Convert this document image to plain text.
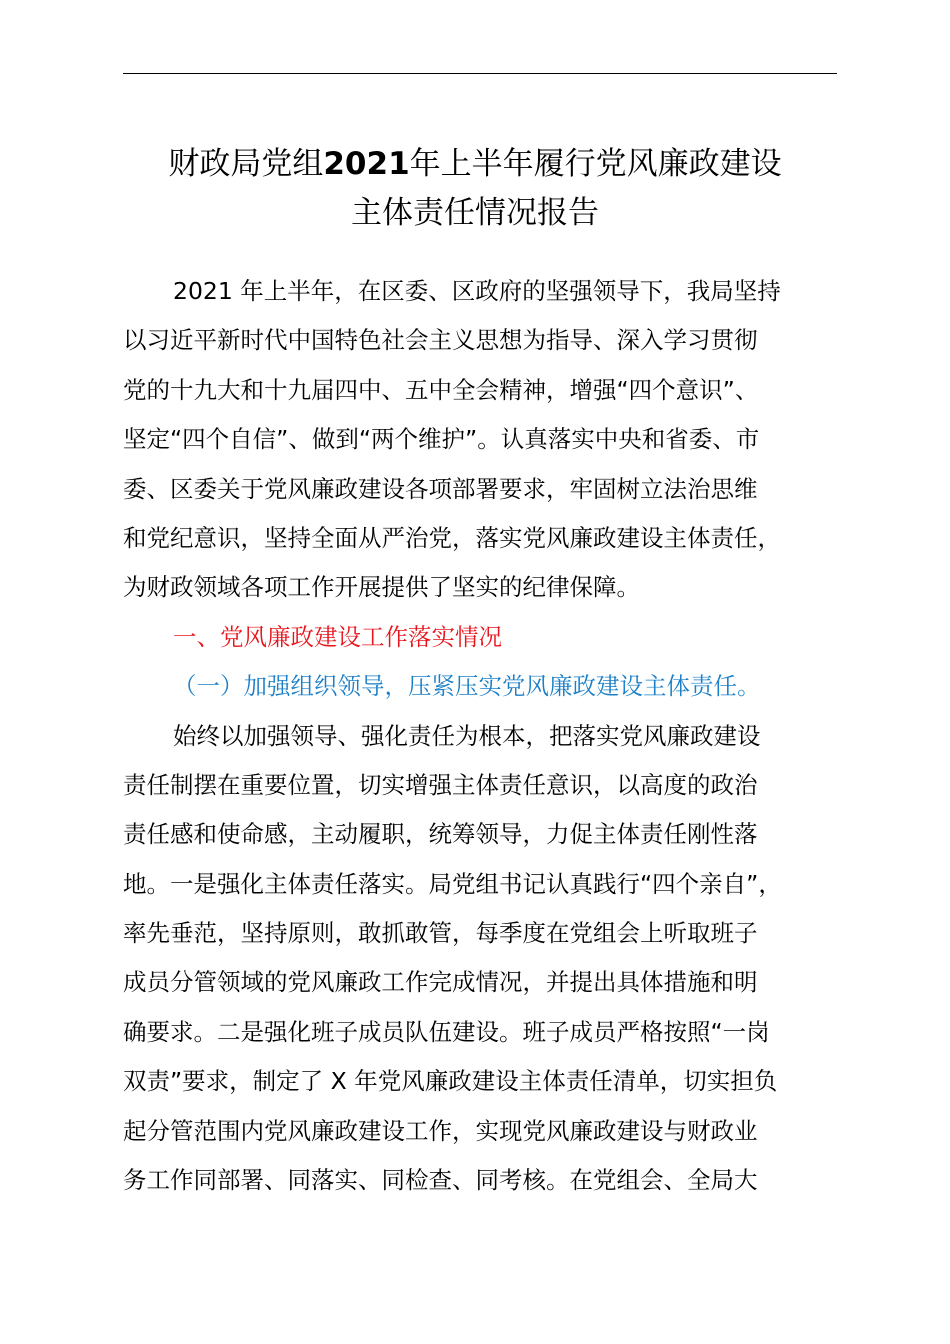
财政局党组2021年上半年履行党风廉政建设
主体责任情况报告
2021 年上半年，在区委、区政府的坚强领导下，我局坚持
以习近平新时代中国特色社会主义思想为指导、深入学习贯彻
党的十九大和十九届四中、五中全会精神，增强“四个意识”、
坚定“四个自信”、做到“两个维护”。认真落实中央和省委、市
委、区委关于党风廉政建设各项部署要求，牢固树立法治思维
和党纪意识，坚持全面从严治党，落实党风廉政建设主体责任，
为财政领域各项工作开展提供了坚实的纪律保障。
一、党风廉政建设工作落实情况
（一）加强组织领导，压紧压实党风廉政建设主体责任。
始终以加强领导、强化责任为根本，把落实党风廉政建设
责任制摆在重要位置，切实增强主体责任意识，以高度的政治
责任感和使命感，主动履职，统筹领导，力促主体责任刚性落
地。一是强化主体责任落实。局党组书记认真践行“四个亲自”，
率先垂范，坚持原则，敢抓敢管，每季度在党组会上听取班子
成员分管领域的党风廉政工作完成情况，并提出具体措施和明
确要求。二是强化班子成员队伍建设。班子成员严格按照“一岗
双责”要求，制定了 X 年党风廉政建设主体责任清单，切实担负
起分管范围内党风廉政建设工作，实现党风廉政建设与财政业
务工作同部署、同落实、同检查、同考核。在党组会、全局大
